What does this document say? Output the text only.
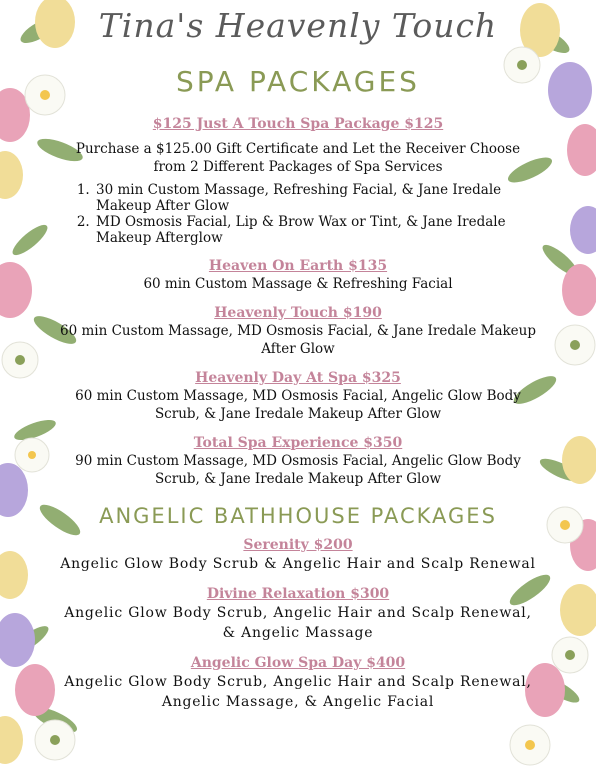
Tina's Heavenly Touch
SPA PACKAGES
$125 Just A Touch Spa Package $125
Purchase a $125.00 Gift Certificate and Let the Receiver Choose from 2 Different Packages of Spa Services
1. 30 min Custom Massage, Refreshing Facial, & Jane Iredale Makeup After Glow
2. MD Osmosis Facial, Lip & Brow Wax or Tint, & Jane Iredale Makeup Afterglow
Heaven On Earth $135
60 min Custom Massage & Refreshing Facial
Heavenly Touch $190
60 min Custom Massage, MD Osmosis Facial, & Jane Iredale Makeup After Glow
Heavenly Day At Spa $325
60 min Custom Massage, MD Osmosis Facial, Angelic Glow Body Scrub, & Jane Iredale Makeup After Glow
Total Spa Experience $350
90 min Custom Massage, MD Osmosis Facial, Angelic Glow Body Scrub, & Jane Iredale Makeup After Glow
ANGELIC BATHHOUSE PACKAGES
Serenity $200
Angelic Glow Body Scrub & Angelic Hair and Scalp Renewal
Divine Relaxation $300
Angelic Glow Body Scrub, Angelic Hair and Scalp Renewal, & Angelic Massage
Angelic Glow Spa Day $400
Angelic Glow Body Scrub, Angelic Hair and Scalp Renewal, Angelic Massage, & Angelic Facial
